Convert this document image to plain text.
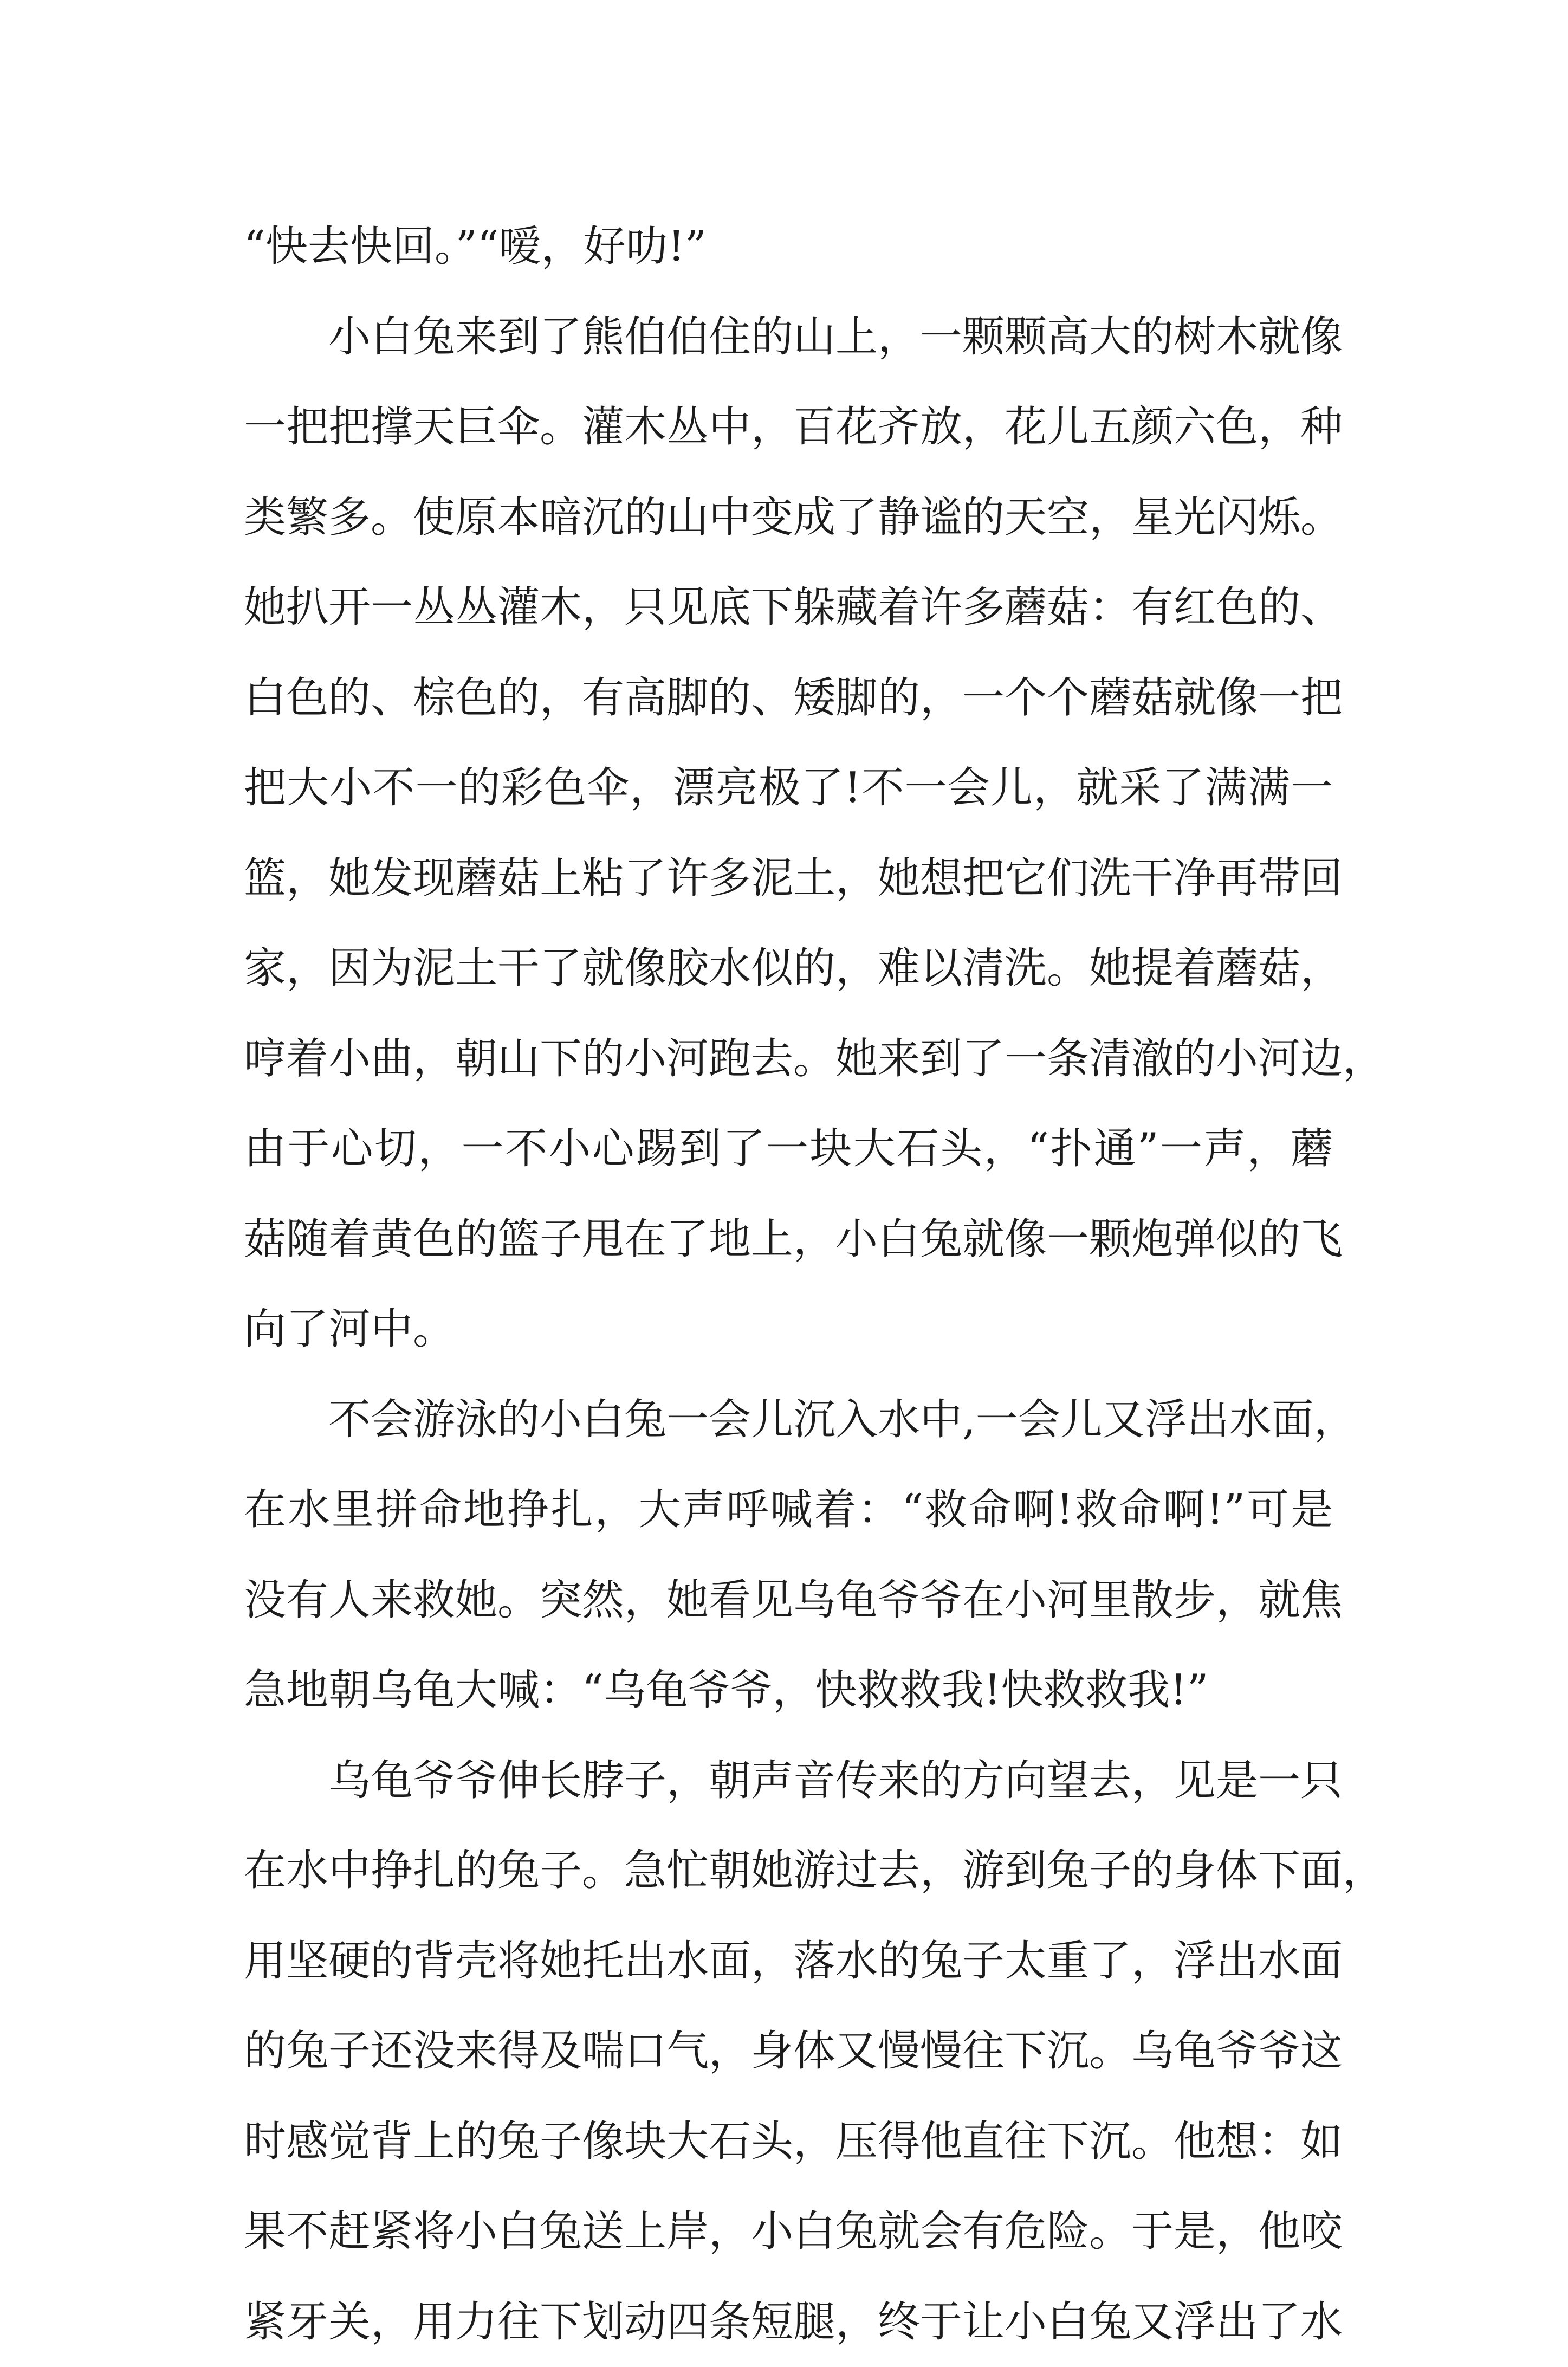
“快去快回。”“嗳，好叻!”
小白兔来到了熊伯伯住的山上，一颗颗高大的树木就像
一把把撑天巨伞。灌木丛中，百花齐放，花儿五颜六色，种
类繁多。使原本暗沉的山中变成了静谧的天空，星光闪烁。
她扒开一丛丛灌木，只见底下躲藏着许多蘑菇：有红色的、
白色的、棕色的，有高脚的、矮脚的，一个个蘑菇就像一把
把大小不一的彩色伞，漂亮极了!不一会儿，就采了满满一
篮，她发现蘑菇上粘了许多泥土，她想把它们洗干净再带回
家，因为泥土干了就像胶水似的，难以清洗。她提着蘑菇，
哼着小曲，朝山下的小河跑去。她来到了一条清澈的小河边，
由于心切，一不小心踢到了一块大石头，“扑通”一声，蘑
菇随着黄色的篮子甩在了地上，小白兔就像一颗炮弹似的飞
向了河中。
不会游泳的小白兔一会儿沉入水中,一会儿又浮出水面，
在水里拼命地挣扎，大声呼喊着：“救命啊!救命啊!”可是
没有人来救她。突然，她看见乌龟爷爷在小河里散步，就焦
急地朝乌龟大喊：“乌龟爷爷，快救救我!快救救我!”
乌龟爷爷伸长脖子，朝声音传来的方向望去，见是一只
在水中挣扎的兔子。急忙朝她游过去，游到兔子的身体下面，
用坚硬的背壳将她托出水面，落水的兔子太重了，浮出水面
的兔子还没来得及喘口气，身体又慢慢往下沉。乌龟爷爷这
时感觉背上的兔子像块大石头，压得他直往下沉。他想：如
果不赶紧将小白兔送上岸，小白兔就会有危险。于是，他咬
紧牙关，用力往下划动四条短腿，终于让小白兔又浮出了水
